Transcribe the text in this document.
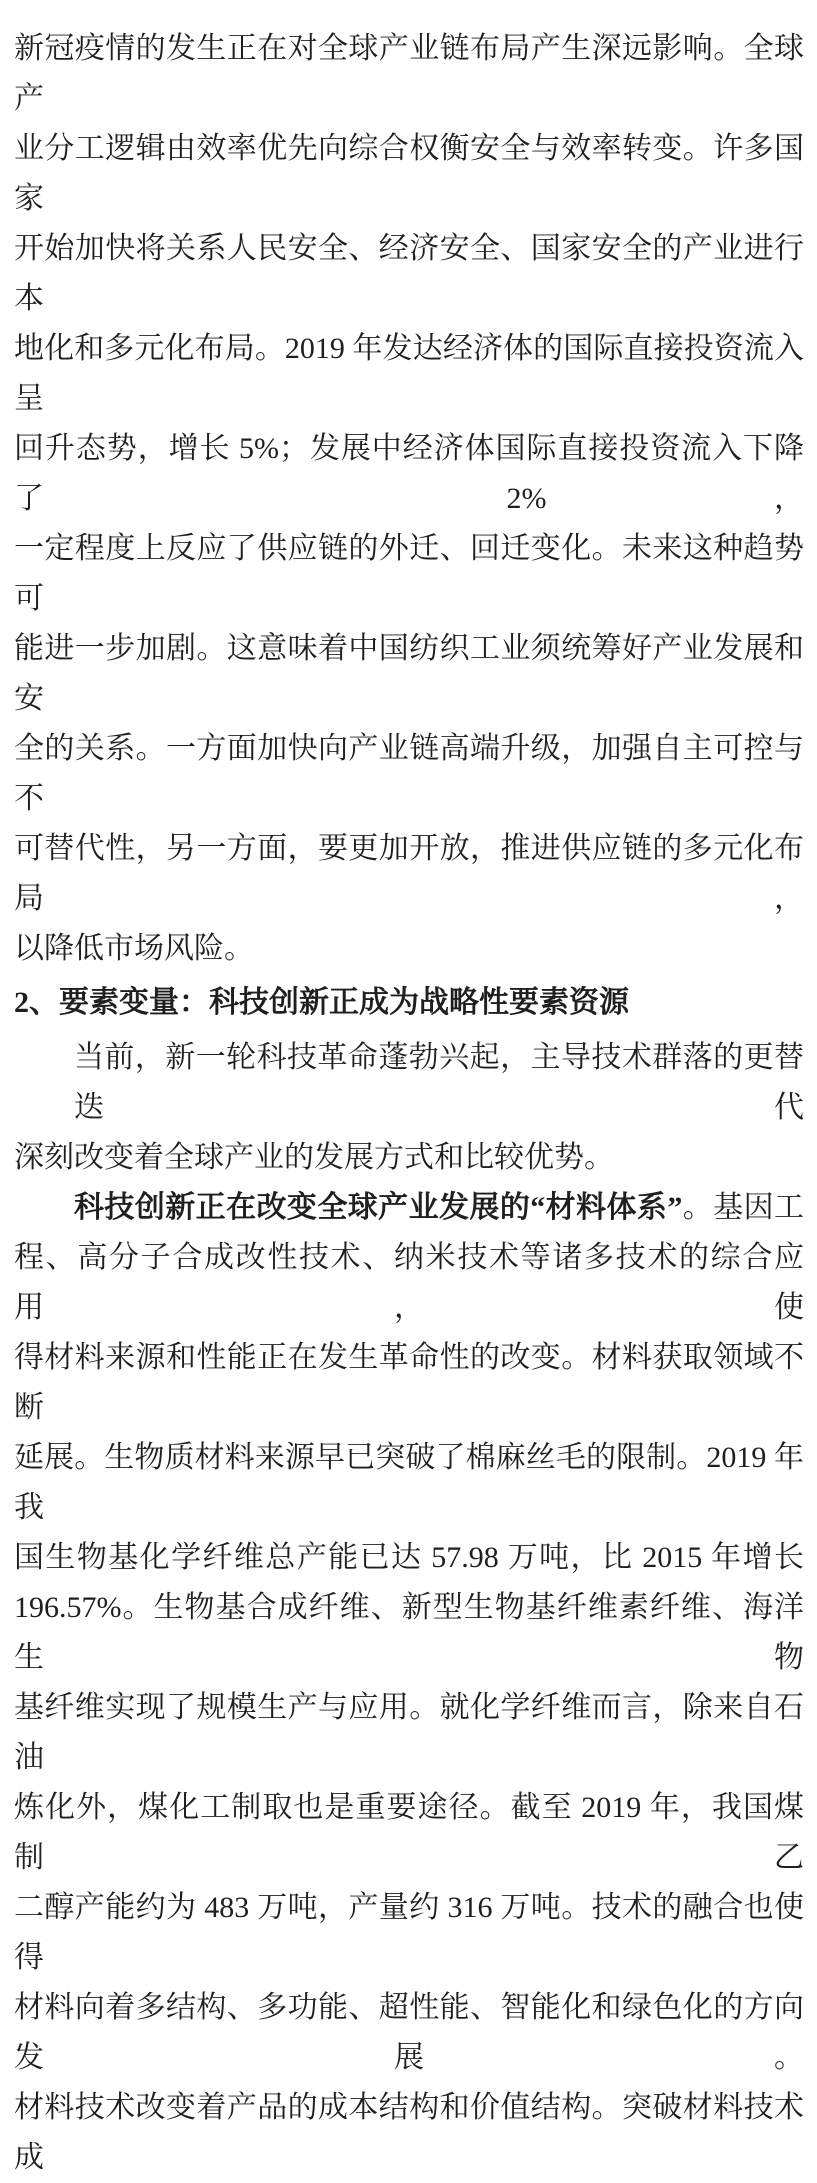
新冠疫情的发生正在对全球产业链布局产生深远影响。全球产
业分工逻辑由效率优先向综合权衡安全与效率转变。许多国家
开始加快将关系人民安全、经济安全、国家安全的产业进行本
地化和多元化布局。2019 年发达经济体的国际直接投资流入呈
回升态势，增长 5%；发展中经济体国际直接投资流入下降了 2%，
一定程度上反应了供应链的外迁、回迁变化。未来这种趋势可
能进一步加剧。这意味着中国纺织工业须统筹好产业发展和安
全的关系。一方面加快向产业链高端升级，加强自主可控与不
可替代性，另一方面，要更加开放，推进供应链的多元化布局，
以降低市场风险。
2、要素变量：科技创新正成为战略性要素资源
当前，新一轮科技革命蓬勃兴起，主导技术群落的更替迭代
深刻改变着全球产业的发展方式和比较优势。
科技创新正在改变全球产业发展的“材料体系”。基因工
程、高分子合成改性技术、纳米技术等诸多技术的综合应用，使
得材料来源和性能正在发生革命性的改变。材料获取领域不断
延展。生物质材料来源早已突破了棉麻丝毛的限制。2019 年我
国生物基化学纤维总产能已达 57.98 万吨，比 2015 年增长
196.57%。生物基合成纤维、新型生物基纤维素纤维、海洋生物
基纤维实现了规模生产与应用。就化学纤维而言，除来自石油
炼化外，煤化工制取也是重要途径。截至 2019 年，我国煤制乙
二醇产能约为 483 万吨，产量约 316 万吨。技术的融合也使得
材料向着多结构、多功能、超性能、智能化和绿色化的方向发展。
材料技术改变着产品的成本结构和价值结构。突破材料技术成
